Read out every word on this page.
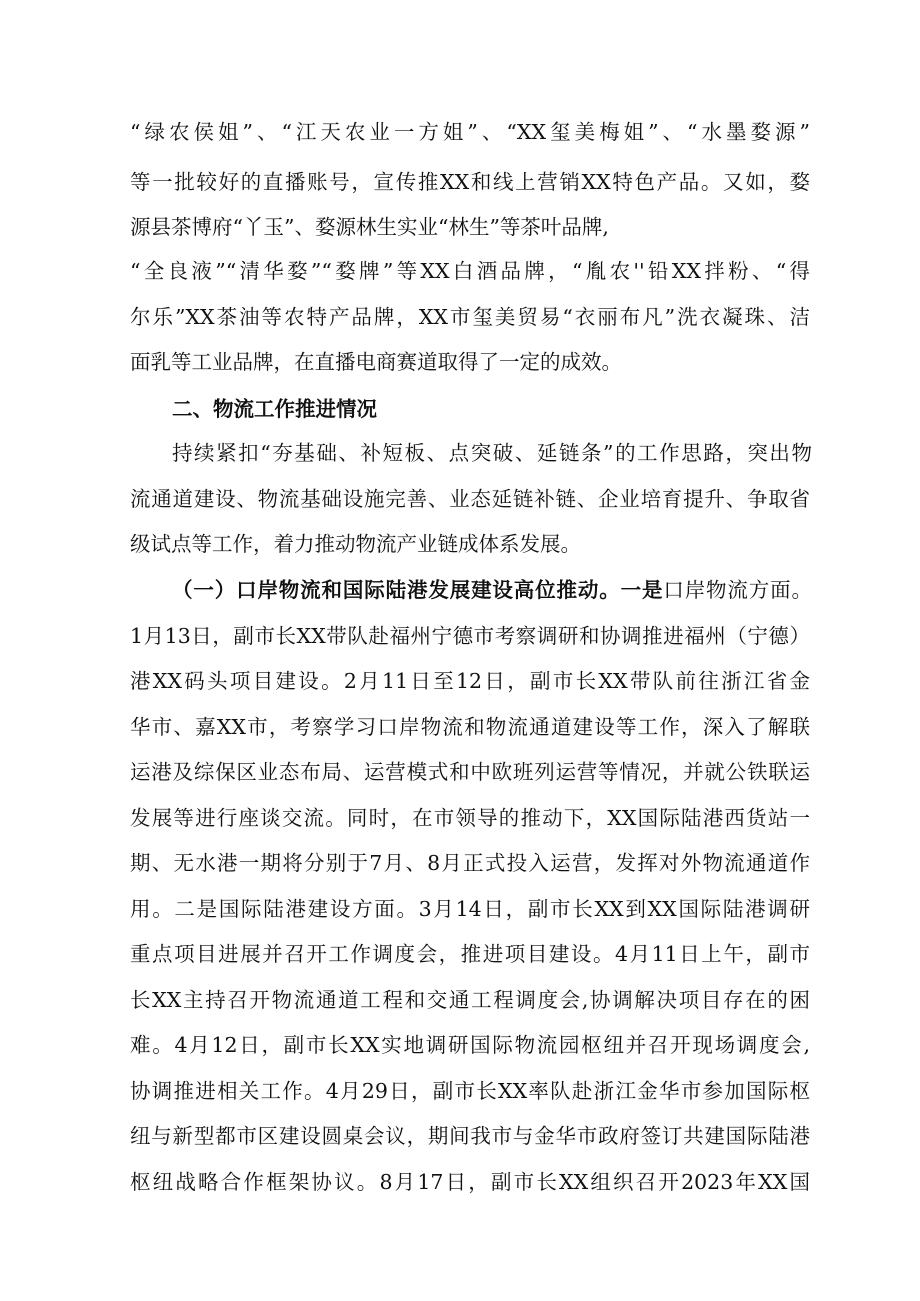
“绿农侯姐”、“江天农业一方姐”、“XX玺美梅姐”、“水墨婺源”
等一批较好的直播账号，宣传推XX和线上营销XX特色产品。又如，婺
源县茶博府“丫玉”、婺源林生实业“林生”等茶叶品牌,
“全良液”“清华婺”“婺牌”等XX白酒品牌，“胤农''铅XX拌粉、“得
尔乐”XX茶油等农特产品牌，XX市玺美贸易“衣丽布凡”洗衣凝珠、洁
面乳等工业品牌，在直播电商赛道取得了一定的成效。
二、物流工作推进情况
持续紧扣“夯基础、补短板、点突破、延链条”的工作思路，突出物
流通道建设、物流基础设施完善、业态延链补链、企业培育提升、争取省
级试点等工作，着力推动物流产业链成体系发展。
（一）口岸物流和国际陆港发展建设高位推动。一是口岸物流方面。
1月13日，副市长XX带队赴福州宁德市考察调研和协调推进福州（宁德）
港XX码头项目建设。2月11日至12日，副市长XX带队前往浙江省金
华市、嘉XX市，考察学习口岸物流和物流通道建设等工作，深入了解联
运港及综保区业态布局、运营模式和中欧班列运营等情况，并就公铁联运
发展等进行座谈交流。同时，在市领导的推动下，XX国际陆港西货站一
期、无水港一期将分别于7月、8月正式投入运营，发挥对外物流通道作
用。二是国际陆港建设方面。3月14日，副市长XX到XX国际陆港调研
重点项目进展并召开工作调度会，推进项目建设。4月11日上午，副市
长XX主持召开物流通道工程和交通工程调度会,协调解决项目存在的困
难。4月12日，副市长XX实地调研国际物流园枢纽并召开现场调度会,
协调推进相关工作。4月29日，副市长XX率队赴浙江金华市参加国际枢
纽与新型都市区建设圆桌会议，期间我市与金华市政府签订共建国际陆港
枢纽战略合作框架协议。8月17日，副市长XX组织召开2023年XX国
